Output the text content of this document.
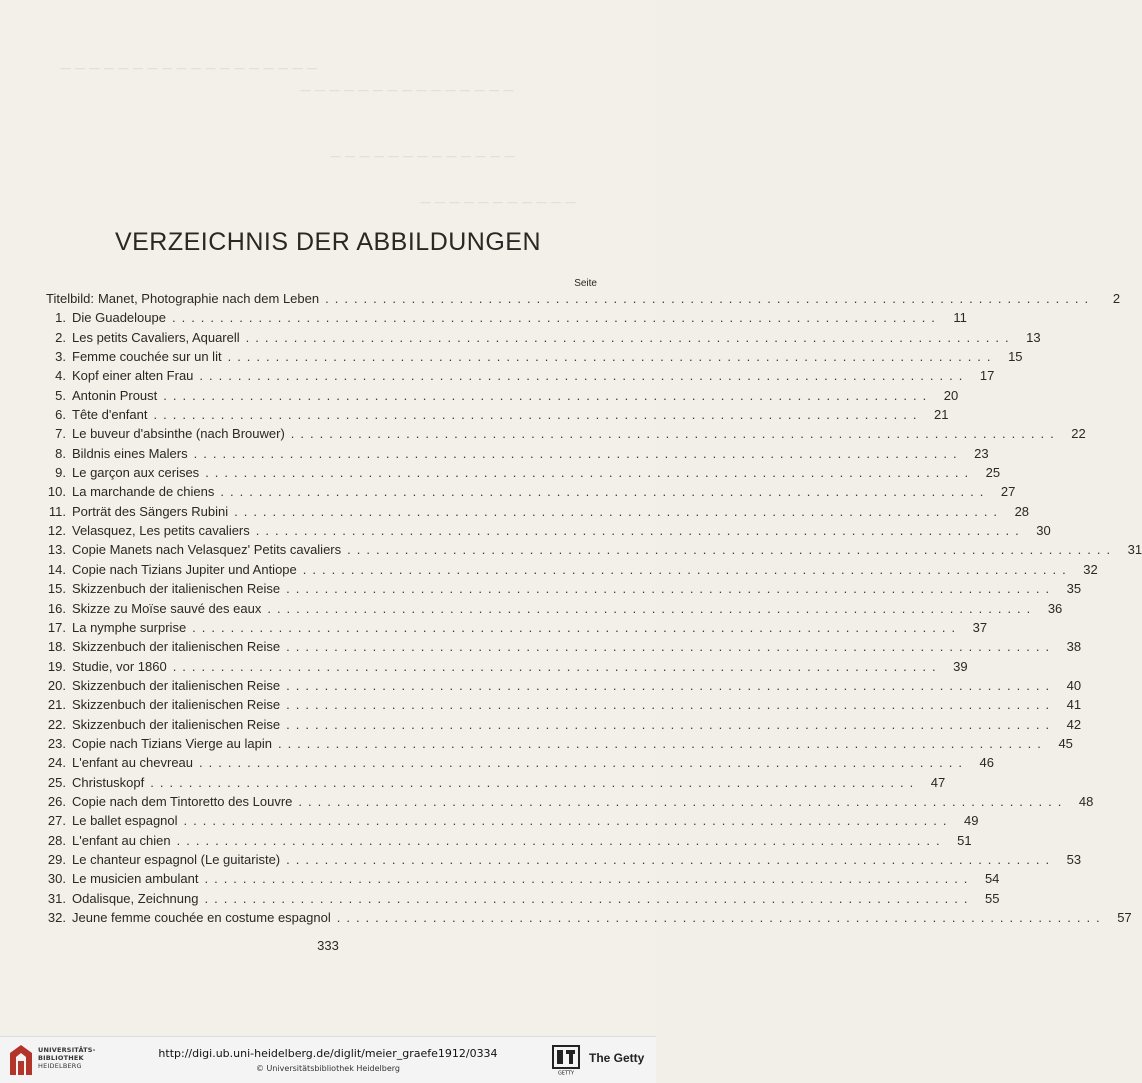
— — — — — — — — — — — — — — — — — —
— — — — — — — — — — — — — — —
— — — — — — — — — — — — —
— — — — — — — — — — —
VERZEICHNIS DER ABBILDUNGEN
Seite
Titelbild: Manet, Photographie nach dem Leben ................................................................................	2
1. Die Guadeloupe ................................................................................ 11
2. Les petits Cavaliers, Aquarell ................................................................................ 13
3. Femme couchée sur un lit ................................................................................ 15
4. Kopf einer alten Frau ................................................................................ 17
5. Antonin Proust ................................................................................ 20
6. Tête d'enfant ................................................................................ 21
7. Le buveur d'absinthe (nach Brouwer) ................................................................................ 22
8. Bildnis eines Malers ................................................................................ 23
9. Le garçon aux cerises ................................................................................ 25
10. La marchande de chiens ................................................................................ 27
11. Porträt des Sängers Rubini ................................................................................ 28
12. Velasquez, Les petits cavaliers ................................................................................ 30
13. Copie Manets nach Velasquez' Petits cavaliers ................................................................................ 31
14. Copie nach Tizians Jupiter und Antiope ................................................................................ 32
15. Skizzenbuch der italienischen Reise ................................................................................ 35
16. Skizze zu Moïse sauvé des eaux ................................................................................ 36
17. La nymphe surprise ................................................................................ 37
18. Skizzenbuch der italienischen Reise ................................................................................ 38
19. Studie, vor 1860 ................................................................................ 39
20. Skizzenbuch der italienischen Reise ................................................................................ 40
21. Skizzenbuch der italienischen Reise ................................................................................ 41
22. Skizzenbuch der italienischen Reise ................................................................................ 42
23. Copie nach Tizians Vierge au lapin ................................................................................ 45
24. L'enfant au chevreau ................................................................................ 46
25. Christuskopf ................................................................................ 47
26. Copie nach dem Tintoretto des Louvre ................................................................................ 48
27. Le ballet espagnol ................................................................................ 49
28. L'enfant au chien ................................................................................ 51
29. Le chanteur espagnol (Le guitariste) ................................................................................ 53
30. Le musicien ambulant ................................................................................ 54
31. Odalisque, Zeichnung ................................................................................ 55
32. Jeune femme couchée en costume espagnol ................................................................................ 57
333
UNIVERSITÄTS-
BIBLIOTHEK
HEIDELBERG
http://digi.ub.uni-heidelberg.de/diglit/meier_graefe1912/0334
© Universitätsbibliothek Heidelberg
GETTY
The Getty
